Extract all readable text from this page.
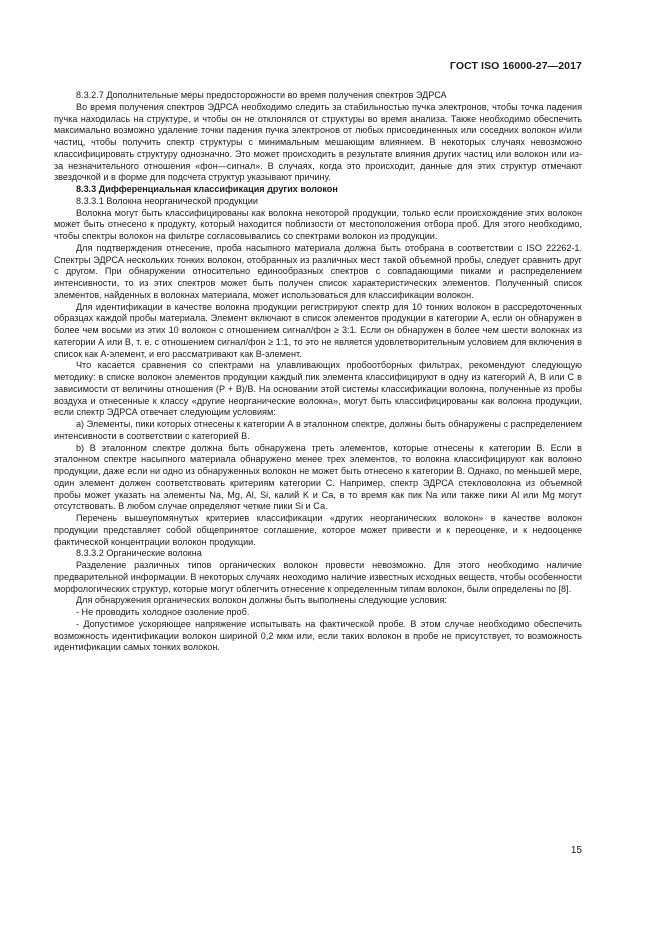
ГОСТ ISO 16000-27—2017

8.3.2.7 Дополнительные меры предосторожности во время получения спектров ЭДРСА

Во время получения спектров ЭДРСА необходимо следить за стабильностью пучка электронов, чтобы точка падения пучка находилась на структуре, и чтобы он не отклонялся от структуры во время анализа. Также необходимо обеспечить максимально возможно удаление точки падения пучка электронов от любых присоединенных или соседних волокон и/или частиц, чтобы получить спектр структуры с минимальным мешающим влиянием. В некоторых случаях невозможно классифицировать структуру однозначно. Это может происходить в результате влияния других частиц или волокон или из-за незначительного отношения «фон—сигнал». В случаях, когда это происходит, данные для этих структур отмечают звездочкой и в форме для подсчета структур указывают причину.

8.3.3 Дифференциальная классификация других волокон

8.3.3.1 Волокна неорганической продукции

Волокна могут быть классифицированы как волокна некоторой продукции, только если происхождение этих волокон может быть отнесено к продукту, который находится поблизости от местоположения отбора проб. Для этого необходимо, чтобы спектры волокон на фильтре согласовывались со спектрами волокон из продукции.

Для подтверждения отнесение, проба насыпного материала должна быть отобрана в соответствии с ISO 22262-1. Спектры ЭДРСА нескольких тонких волокон, отобранных из различных мест такой объемной пробы, следует сравнить друг с другом. При обнаружении относительно единообразных спектров с совпадающими пиками и распределением интенсивности, то из этих спектров может быть получен список характеристических элементов. Полученный список элементов, найденных в волокнах материала, может использоваться для классификации волокон.

Для идентификации в качестве волокна продукции регистрируют спектр для 10 тонких волокон в рассредоточенных образцах каждой пробы материала. Элемент включают в список элементов продукции в категории А, если он обнаружен в более чем восьми из этих 10 волокон с отношением сигнал/фон ≥ 3:1. Если он обнаружен в более чем шести волокнах из категории А или В, т. е. с отношением сигнал/фон ≥ 1:1, то это не является удовлетворительным условием для включения в список как А-элемент, и его рассматривают как В-элемент.

Что касается сравнения со спектрами на улавливающих пробоотборных фильтрах, рекомендуют следующую методику: в списке волокон элементов продукции каждый пик элемента классифицируют в одну из категорий А, В или С в зависимости от величины отношения (P + B)/B. На основании этой системы классификации волокна, полученные из пробы воздуха и отнесенные к классу «другие неорганические волокна», могут быть классифицированы как волокна продукции, если спектр ЭДРСА отвечает следующим условиям:

a) Элементы, пики которых отнесены к категории А в эталонном спектре, должны быть обнаружены с распределением интенсивности в соответствии с категорией В.

b) В эталонном спектре должна быть обнаружена треть элементов, которые отнесены к категории В. Если в эталонном спектре насыпного материала обнаружено менее трех элементов, то волокна классифицируют как волокно продукции, даже если ни одно из обнаруженных волокон не может быть отнесено к категории В. Однако, по меньшей мере, один элемент должен соответствовать критериям категории С. Например, спектр ЭДРСА стекловолокна из объемной пробы может указать на элементы Na, Mg, Al, Si, калий K и Са, в то время как пик Na или также пики Al или Mg могут отсутствовать. В любом случае определяют четкие пики Si и Са.

Перечень вышеупомянутых критериев классификации «других неорганических волокон» в качестве волокон продукции представляет собой общепринятое соглашение, которое может привести и к переоценке, и к недооценке фактической концентрации волокон продукции.

8.3.3.2 Органические волокна

Разделение различных типов органических волокон провести невозможно. Для этого необходимо наличие предварительной информации. В некоторых случаях неоходимо наличие известных исходных веществ, чтобы особенности морфологических структур, которые могут облегчить отнесение к определенным типам волокон, были определены по [8].

Для обнаружения органических волокон должны быть выполнены следующие условия:

- Не проводить холодное озоление проб.

- Допустимое ускоряющее напряжение испытывать на фактической пробе. В этом случае необходимо обеспечить возможность идентификации волокон шириной 0,2 мкм или, если таких волокон в пробе не присутствует, то возможность идентификации самых тонких волокон.

15
